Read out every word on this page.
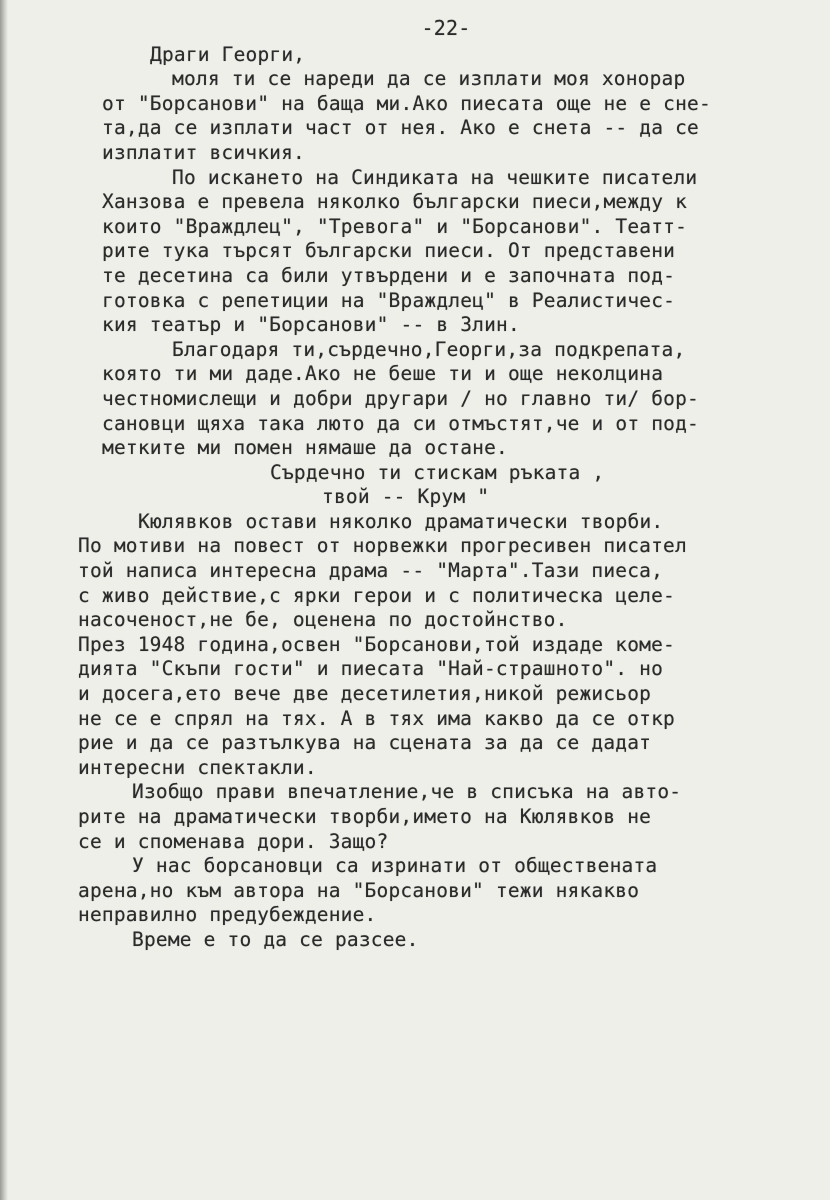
-22-
Драги Георги,
моля ти се нареди да се изплати моя хонорар
от "Борсанови" на баща ми.Ако пиесата още не е сне-
та,да се изплати част от нея. Ако е снета -- да се
изплатит всичкия.
По искането на Синдиката на чешките писатели
Ханзова е превела няколко български пиеси,между к
които "Враждлец", "Тревога" и "Борсанови". Театт-
рите тука търсят български пиеси. От представени
те десетина са били утвърдени и е започната под-
готовка с репетиции на "Враждлец" в Реалистичес-
кия театър и "Борсанови" -- в Злин.
Благодаря ти,сърдечно,Георги,за подкрепата,
която ти ми даде.Ако не беше ти и още неколцина
честномислещи и добри другари / но главно ти/ бор-
сановци щяха така люто да си отмъстят,че и от под-
метките ми помен нямаше да остане.
Сърдечно ти стискам ръката ,
твой -- Крум "
Кюлявков остави няколко драматически творби.
По мотиви на повест от норвежки прогресивен писател
той написа интересна драма -- "Марта".Тази пиеса,
с живо действие,с ярки герои и с политическа целе-
насоченост,не бе, оценена по достойнство.
През 1948 година,освен "Борсанови,той издаде коме-
дията "Скъпи гости" и пиесата "Най-страшното". но
и досега,ето вече две десетилетия,никой режисьор
не се е спрял на тях. А в тях има какво да се откр
рие и да се разтълкува на сцената за да се дадат
интересни спектакли.
Изобщо прави впечатление,че в списъка на авто-
рите на драматически творби,името на Кюлявков не
се и споменава дори. Защо?
У нас борсановци са изринати от обществената
арена,но към автора на "Борсанови" тежи някакво
неправилно предубеждение.
Време е то да се разсее.
